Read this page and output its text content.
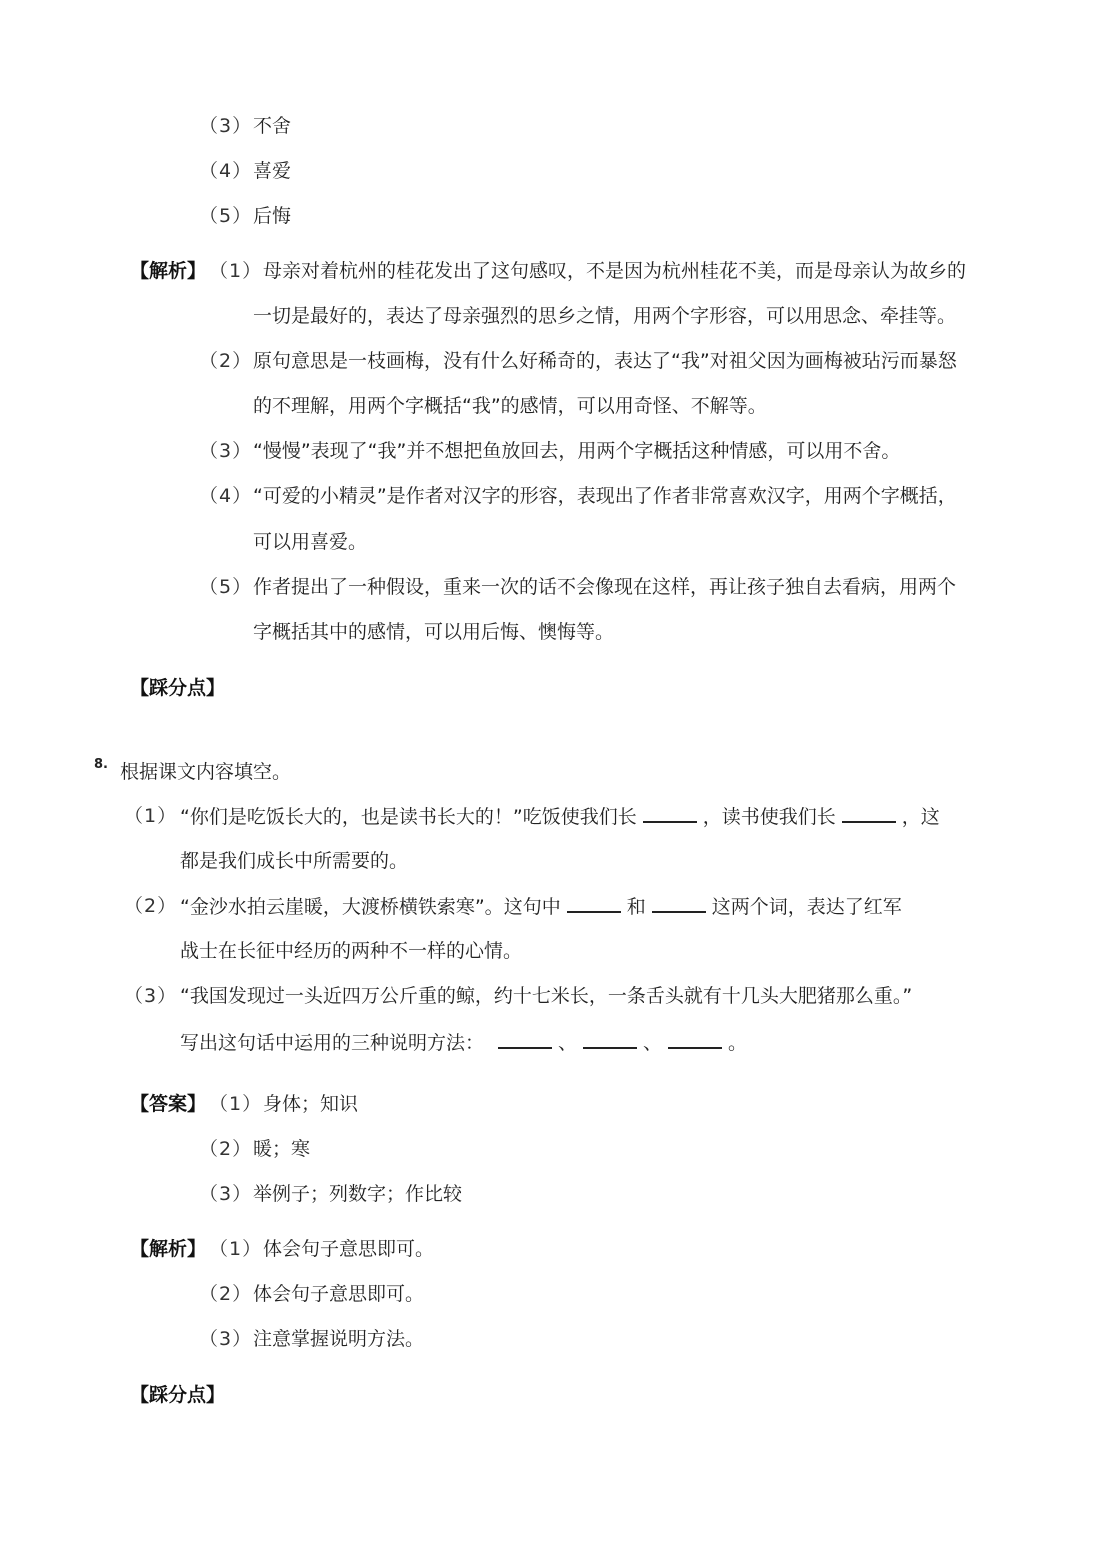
（3） 不舍
（4） 喜爱
（5） 后悔
【解析】 （1） 母亲对着杭州的桂花发出了这句感叹，不是因为杭州桂花不美，而是母亲认为故乡的
一切是最好的，表达了母亲强烈的思乡之情，用两个字形容，可以用思念、牵挂等。
（2） 原句意思是一枝画梅，没有什么好稀奇的，表达了“我”对祖父因为画梅被玷污而暴怒
的不理解，用两个字概括“我”的感情，可以用奇怪、不解等。
（3） “慢慢”表现了“我”并不想把鱼放回去，用两个字概括这种情感，可以用不舍。
（4） “可爱的小精灵”是作者对汉字的形容，表现出了作者非常喜欢汉字，用两个字概括，
可以用喜爱。
（5） 作者提出了一种假设，重来一次的话不会像现在这样，再让孩子独自去看病，用两个
字概括其中的感情，可以用后悔、懊悔等。
【踩分点】
8. 根据课文内容填空。
（1） “你们是吃饭长大的，也是读书长大的！”吃饭使我们长	，读书使我们长	，这
都是我们成长中所需要的。
（2） “金沙水拍云崖暖，大渡桥横铁索寒”。这句中	和	这两个词，表达了红军
战士在长征中经历的两种不一样的心情。
（3） “我国发现过一头近四万公斤重的鲸，约十七米长，一条舌头就有十几头大肥猪那么重。”
写出这句话中运用的三种说明方法：	、	、	。
【答案】 （1） 身体；知识
（2） 暖；寒
（3） 举例子；列数字；作比较
【解析】 （1） 体会句子意思即可。
（2） 体会句子意思即可。
（3） 注意掌握说明方法。
【踩分点】
